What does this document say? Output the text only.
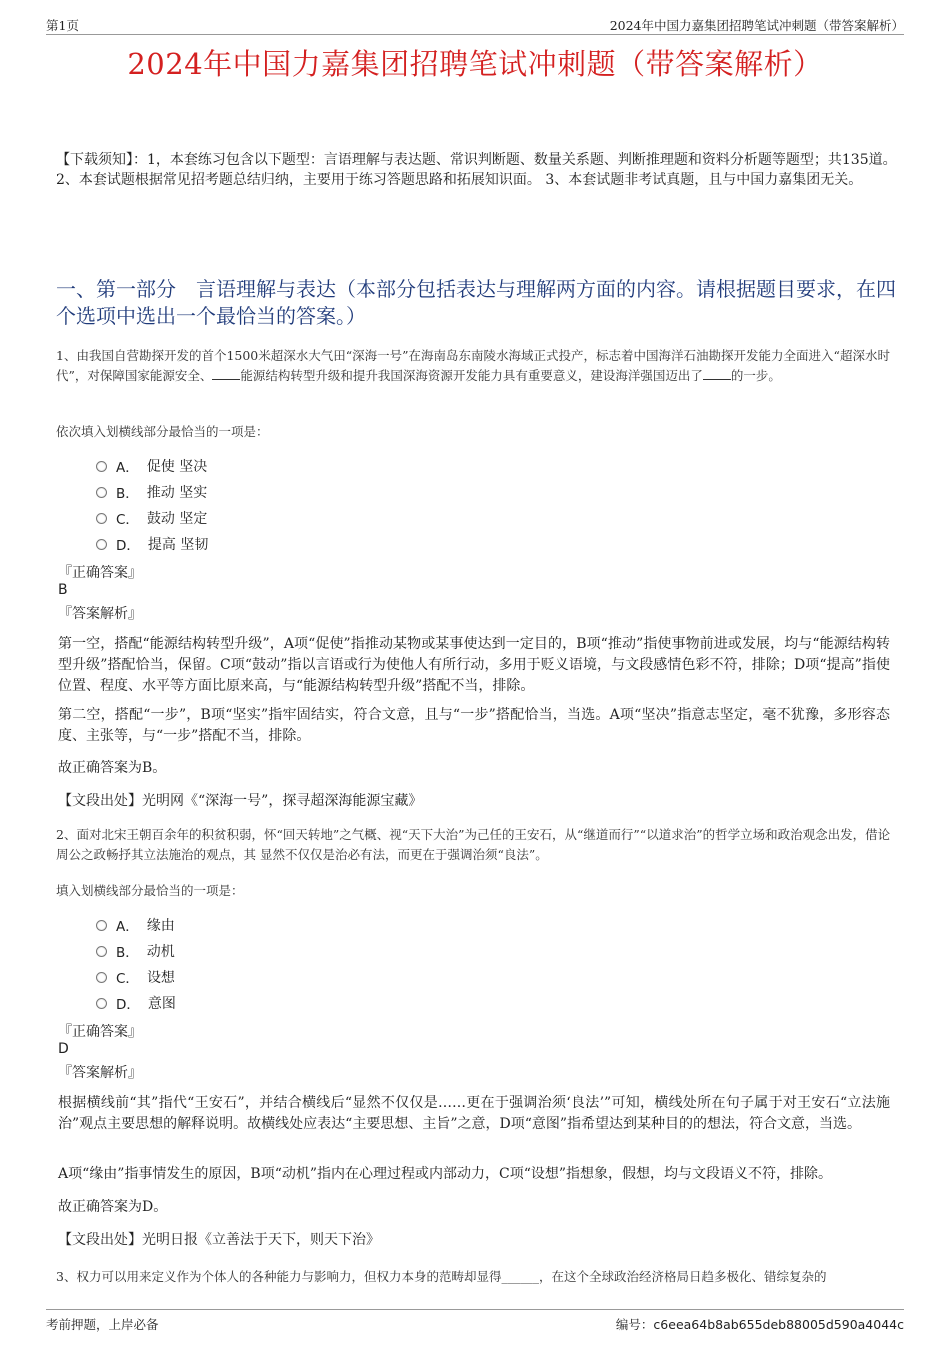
第1页	2024年中国力嘉集团招聘笔试冲刺题（带答案解析）
2024年中国力嘉集团招聘笔试冲刺题（带答案解析）
【下载须知】：1，本套练习包含以下题型：言语理解与表达题、常识判断题、数量关系题、判断推理题和资料分析题等题型；共135道。 2、本套试题根据常见招考题总结归纳，主要用于练习答题思路和拓展知识面。 3、本套试题非考试真题，且与中国力嘉集团无关。
一、第一部分　言语理解与表达（本部分包括表达与理解两方面的内容。请根据题目要求，在四个选项中选出一个最恰当的答案。）
1、由我国自营勘探开发的首个1500米超深水大气田“深海一号”在海南岛东南陵水海域正式投产，标志着中国海洋石油勘探开发能力全面进入“超深水时代”，对保障国家能源安全、 能源结构转型升级和提升我国深海资源开发能力具有重要意义，建设海洋强国迈出了 的一步。
依次填入划横线部分最恰当的一项是：
A． 促使 坚决
B． 推动 坚实
C． 鼓动 坚定
D． 提高 坚韧
『正确答案』
B
『答案解析』
第一空，搭配“能源结构转型升级”，A项“促使”指推动某物或某事使达到一定目的，B项“推动”指使事物前进或发展，均与“能源结构转型升级”搭配恰当，保留。C项“鼓动”指以言语或行为使他人有所行动，多用于贬义语境，与文段感情色彩不符，排除；D项“提高”指使位置、程度、水平等方面比原来高，与“能源结构转型升级”搭配不当，排除。
第二空，搭配“一步”，B项“坚实”指牢固结实，符合文意，且与“一步”搭配恰当，当选。A项“坚决”指意志坚定，毫不犹豫，多形容态度、主张等，与“一步”搭配不当，排除。
故正确答案为B。
【文段出处】光明网《“深海一号”，探寻超深海能源宝藏》
2、面对北宋王朝百余年的积贫积弱，怀“回天转地”之气概、视“天下大治”为己任的王安石，从“继道而行”“以道求治”的哲学立场和政治观念出发，借论周公之政畅抒其立法施治的观点，其 显然不仅仅是治必有法，而更在于强调治须“良法”。
填入划横线部分最恰当的一项是：
A． 缘由
B． 动机
C． 设想
D． 意图
『正确答案』
D
『答案解析』
根据横线前“其”指代“王安石”，并结合横线后“显然不仅仅是……更在于强调治须‘良法’”可知，横线处所在句子属于对王安石“立法施治”观点主要思想的解释说明。故横线处应表达“主要思想、主旨”之意，D项“意图”指希望达到某种目的的想法，符合文意，当选。
A项“缘由”指事情发生的原因，B项“动机”指内在心理过程或内部动力，C项“设想”指想象，假想，均与文段语义不符，排除。
故正确答案为D。
【文段出处】光明日报《立善法于天下，则天下治》
3、权力可以用来定义作为个体人的各种能力与影响力，但权力本身的范畴却显得______，在这个全球政治经济格局日趋多极化、错综复杂的
考前押题，上岸必备	编号：c6eea64b8ab655deb88005d590a4044c
